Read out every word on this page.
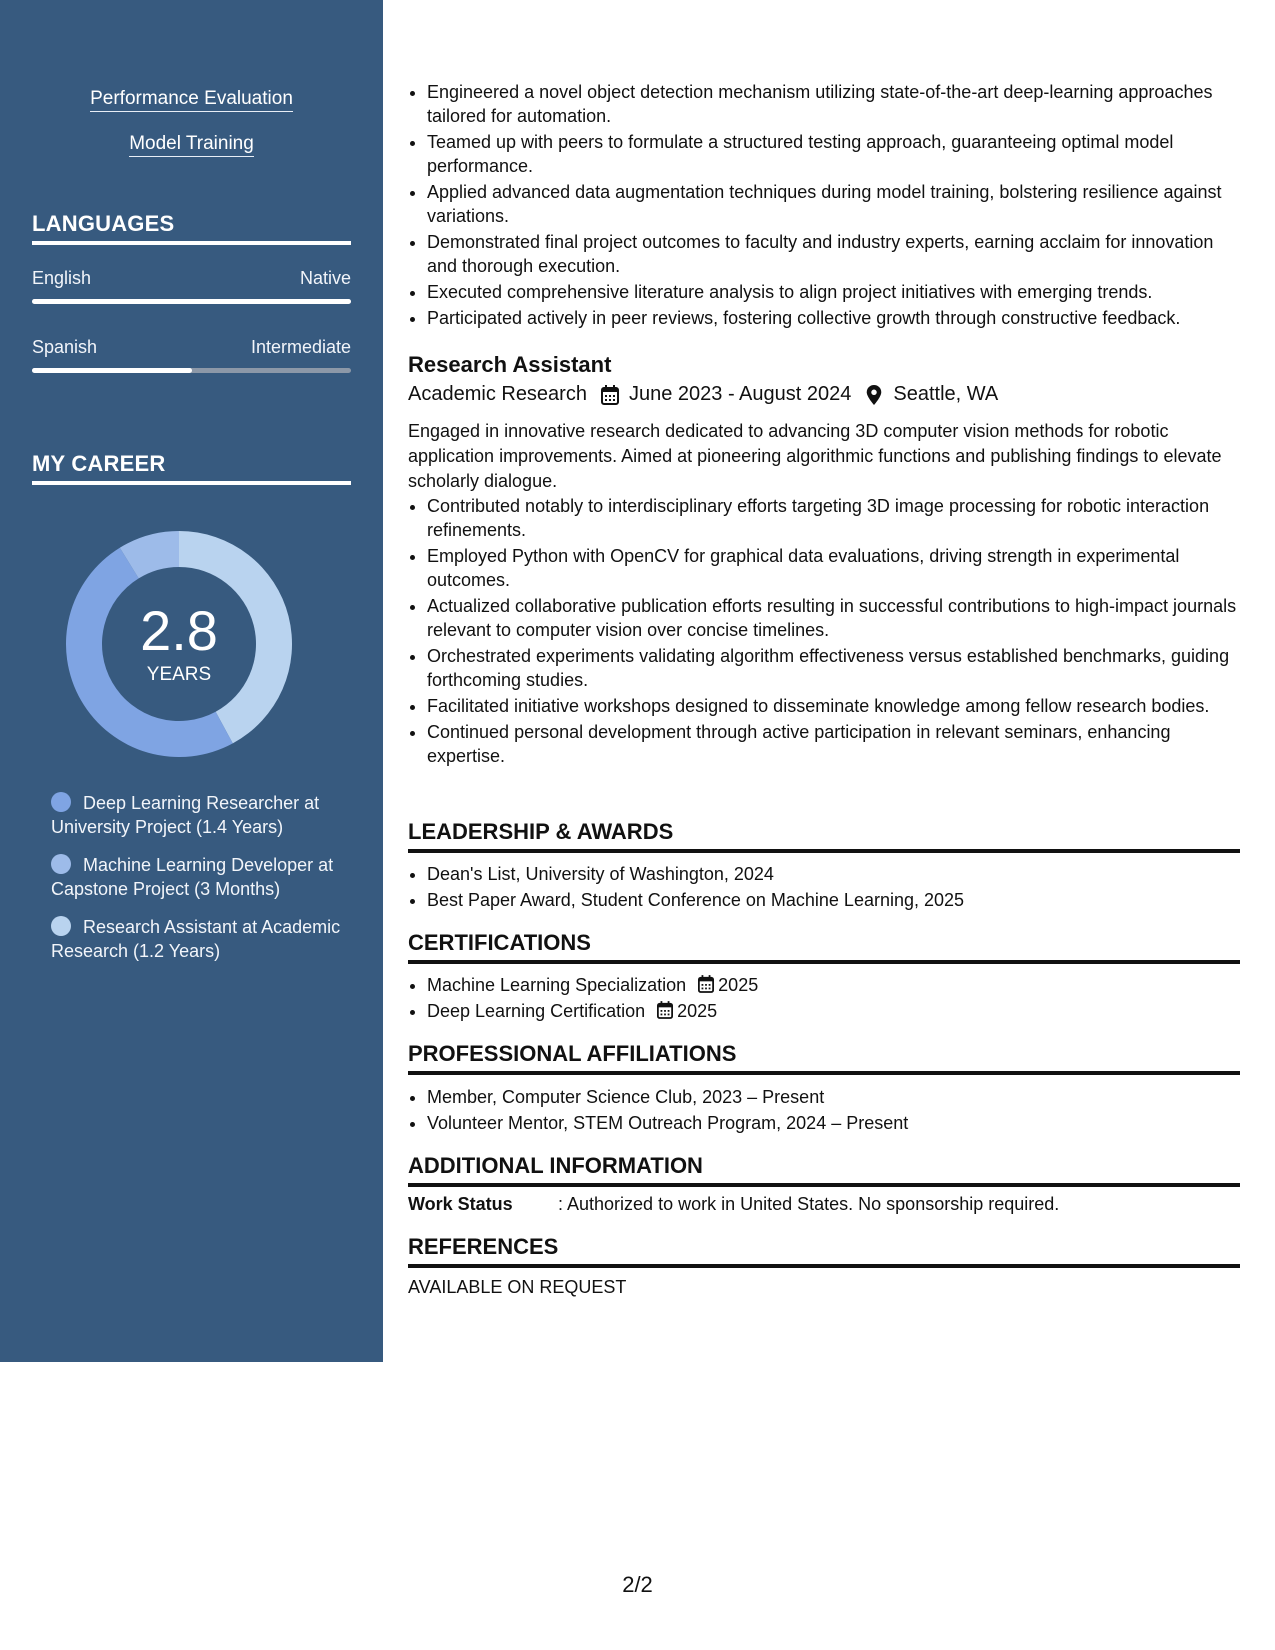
Performance Evaluation
Model Training
LANGUAGES
English	Native
Spanish	Intermediate
MY CAREER
2.8
YEARS
Deep Learning Researcher at University Project (1.4 Years)
Machine Learning Developer at Capstone Project (3 Months)
Research Assistant at Academic Research (1.2 Years)
• Engineered a novel object detection mechanism utilizing state-of-the-art deep-learning approaches tailored for automation.
• Teamed up with peers to formulate a structured testing approach, guaranteeing optimal model performance.
• Applied advanced data augmentation techniques during model training, bolstering resilience against variations.
• Demonstrated final project outcomes to faculty and industry experts, earning acclaim for innovation and thorough execution.
• Executed comprehensive literature analysis to align project initiatives with emerging trends.
• Participated actively in peer reviews, fostering collective growth through constructive feedback.
Research Assistant
Academic Research June 2023 - August 2024 Seattle, WA
Engaged in innovative research dedicated to advancing 3D computer vision methods for robotic application improvements. Aimed at pioneering algorithmic functions and publishing findings to elevate scholarly dialogue.
• Contributed notably to interdisciplinary efforts targeting 3D image processing for robotic interaction refinements.
• Employed Python with OpenCV for graphical data evaluations, driving strength in experimental outcomes.
• Actualized collaborative publication efforts resulting in successful contributions to high-impact journals relevant to computer vision over concise timelines.
• Orchestrated experiments validating algorithm effectiveness versus established benchmarks, guiding forthcoming studies.
• Facilitated initiative workshops designed to disseminate knowledge among fellow research bodies.
• Continued personal development through active participation in relevant seminars, enhancing expertise.
LEADERSHIP & AWARDS
• Dean's List, University of Washington, 2024
• Best Paper Award, Student Conference on Machine Learning, 2025
CERTIFICATIONS
• Machine Learning Specialization 2025
• Deep Learning Certification 2025
PROFESSIONAL AFFILIATIONS
• Member, Computer Science Club, 2023 – Present
• Volunteer Mentor, STEM Outreach Program, 2024 – Present
ADDITIONAL INFORMATION
Work Status	: Authorized to work in United States. No sponsorship required.
REFERENCES
AVAILABLE ON REQUEST
2/2
